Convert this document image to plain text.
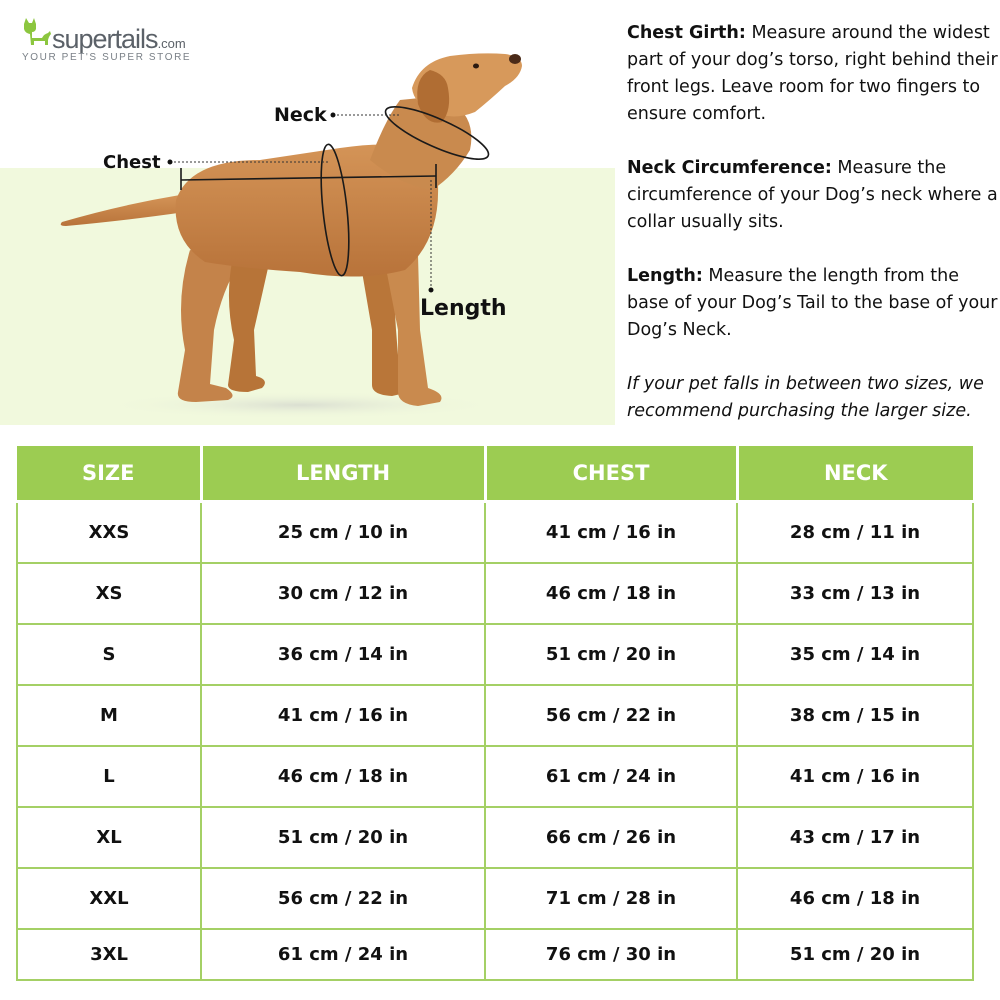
supertails.com
YOUR PET'S SUPER STORE
Neck
Chest
Length

Chest Girth: Measure around the widest part of your dog’s torso, right behind their front legs. Leave room for two fingers to ensure comfort.

Neck Circumference: Measure the circumference of your Dog’s neck where a collar usually sits.

Length: Measure the length from the base of your Dog’s Tail to the base of your Dog’s Neck.

If your pet falls in between two sizes, we recommend purchasing the larger size.

SIZE	LENGTH	CHEST	NECK
XXS	25 cm / 10 in	41 cm / 16 in	28 cm / 11 in
XS	30 cm / 12 in	46 cm / 18 in	33 cm / 13 in
S	36 cm / 14 in	51 cm / 20 in	35 cm / 14 in
M	41 cm / 16 in	56 cm / 22 in	38 cm / 15 in
L	46 cm / 18 in	61 cm / 24 in	41 cm / 16 in
XL	51 cm / 20 in	66 cm / 26 in	43 cm / 17 in
XXL	56 cm / 22 in	71 cm / 28 in	46 cm / 18 in
3XL	61 cm / 24 in	76 cm / 30 in	51 cm / 20 in
